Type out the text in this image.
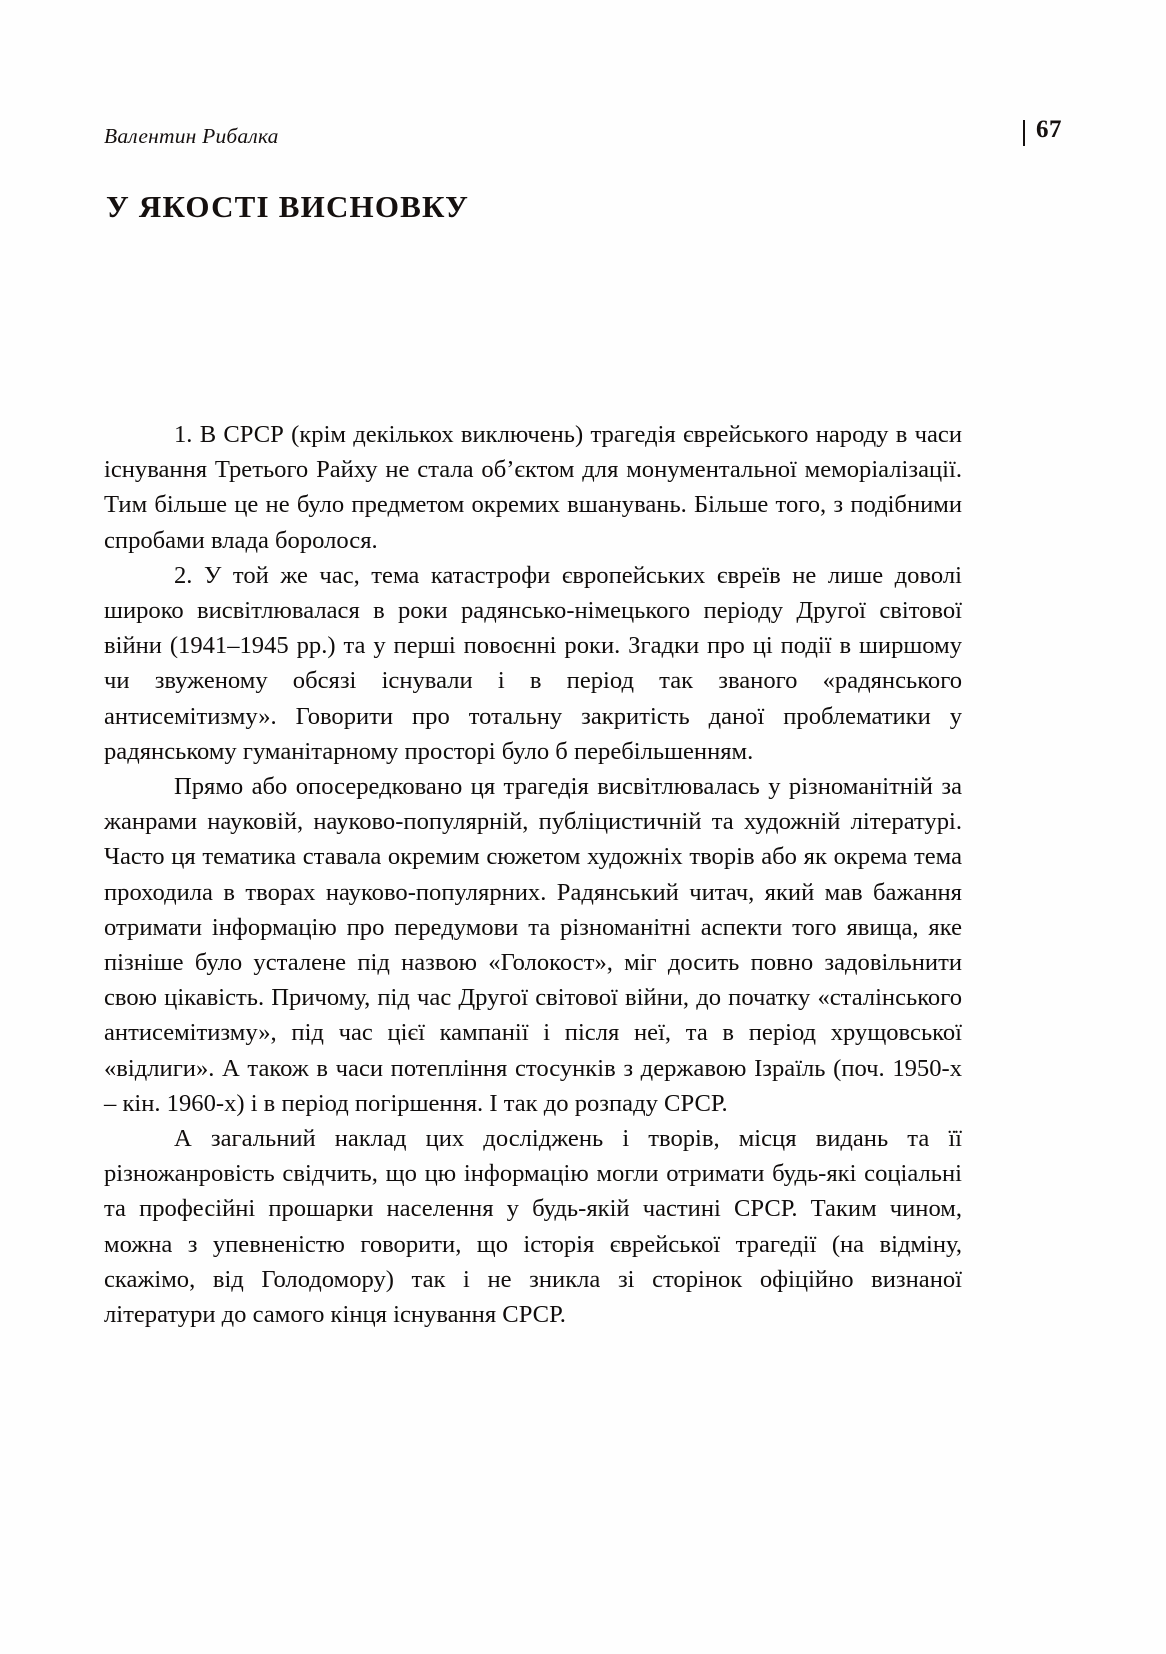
Валентин Рибалка	67
У ЯКОСТІ ВИСНОВКУ

1. В СРСР (крім декількох виключень) трагедія єврейського народу в часи існування Третього Райху не стала об’єктом для монументальної меморіалізації. Тим більше це не було предметом окремих вшанувань. Більше того, з подібними спробами влада боролося.

2. У той же час, тема катастрофи європейських євреїв не лише доволі широко висвітлювалася в роки радянсько-німецького періоду Другої світової війни (1941–1945 рр.) та у перші повоєнні роки. Згадки про ці події в ширшому чи звуженому обсязі існували і в період так званого «радянського антисемітизму». Говорити про тотальну закритість даної проблематики у радянському гуманітарному просторі було б перебільшенням.

Прямо або опосередковано ця трагедія висвітлювалась у різноманітній за жанрами науковій, науково-популярній, публіцистичній та художній літературі. Часто ця тематика ставала окремим сюжетом художніх творів або як окрема тема проходила в творах науково-популярних. Радянський читач, який мав бажання отримати інформацію про передумови та різноманітні аспекти того явища, яке пізніше було усталене під назвою «Голокост», міг досить повно задовільнити свою цікавість. Причому, під час Другої світової війни, до початку «сталінського антисемітизму», під час цієї кампанії і після неї, та в період хрущовської «відлиги». А також в часи потепління стосунків з державою Ізраїль (поч. 1950-х – кін. 1960-х) і в період погіршення. І так до розпаду СРСР.

А загальний наклад цих досліджень і творів, місця видань та її різножанровість свідчить, що цю інформацію могли отримати будь-які соціальні та професійні прошарки населення у будь-якій частині СРСР. Таким чином, можна з упевненістю говорити, що історія єврейської трагедії (на відміну, скажімо, від Голодомору) так і не зникла зі сторінок офіційно визнаної літератури до самого кінця існування СРСР.
